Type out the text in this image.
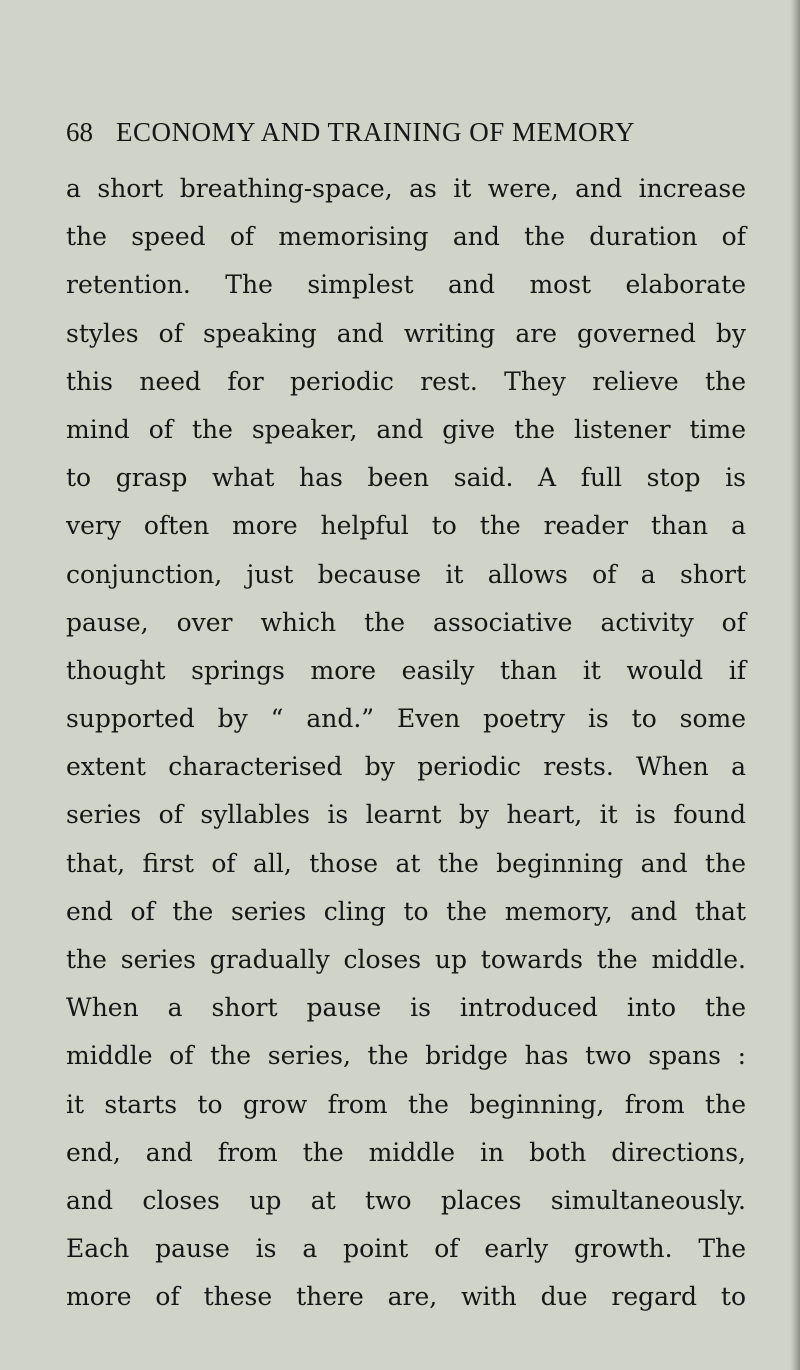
68 ECONOMY AND TRAINING OF MEMORY
a short breathing-space, as it were, and increase
the speed of memorising and the duration of
retention. The simplest and most elaborate
styles of speaking and writing are governed by
this need for periodic rest. They relieve the
mind of the speaker, and give the listener time
to grasp what has been said. A full stop is
very often more helpful to the reader than a
conjunction, just because it allows of a short
pause, over which the associative activity of
thought springs more easily than it would if
supported by “ and.” Even poetry is to some
extent characterised by periodic rests. When a
series of syllables is learnt by heart, it is found
that, first of all, those at the beginning and the
end of the series cling to the memory, and that
the series gradually closes up towards the middle.
When a short pause is introduced into the
middle of the series, the bridge has two spans :
it starts to grow from the beginning, from the
end, and from the middle in both directions,
and closes up at two places simultaneously.
Each pause is a point of early growth. The
more of these there are, with due regard to
